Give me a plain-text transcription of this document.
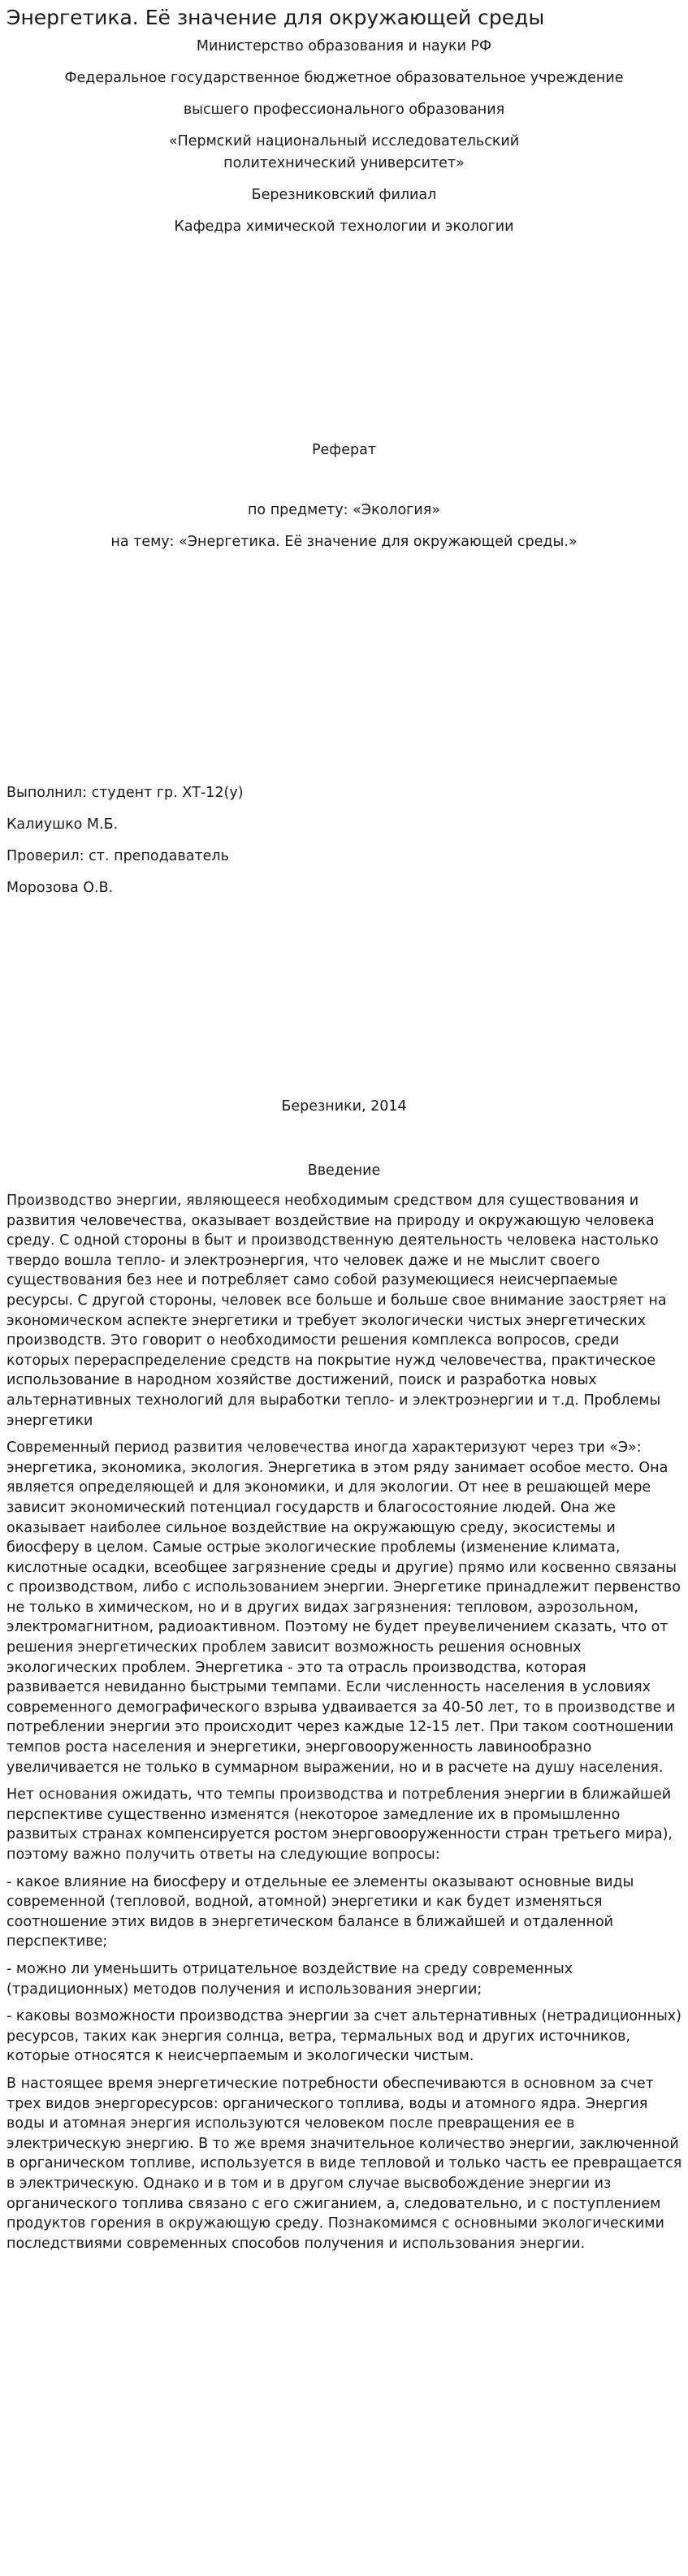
Энергетика. Её значение для окружающей среды
Министерство образования и науки РФ
Федеральное государственное бюджетное образовательное учреждение
высшего профессионального образования
«Пермский национальный исследовательский
политехнический университет»
Березниковский филиал
Кафедра химической технологии и экологии
Реферат
по предмету: «Экология»
на тему: «Энергетика. Её значение для окружающей среды.»
Выполнил: студент гр. ХТ-12(у)
Калиушко М.Б.
Проверил: ст. преподаватель
Морозова О.В.
Березники, 2014
Введение

Производство энергии, являющееся необходимым средством для существования и развития человечества, оказывает воздействие на природу и окружающую человека среду. С одной стороны в быт и производственную деятельность человека настолько твердо вошла тепло- и электроэнергия, что человек даже и не мыслит своего существования без нее и потребляет само собой разумеющиеся неисчерпаемые ресурсы. С другой стороны, человек все больше и больше свое внимание заостряет на экономическом аспекте энергетики и требует экологически чистых энергетических производств. Это говорит о необходимости решения комплекса вопросов, среди которых перераспределение средств на покрытие нужд человечества, практическое использование в народном хозяйстве достижений, поиск и разработка новых альтернативных технологий для выработки тепло- и электроэнергии и т.д. Проблемы энергетики

Современный период развития человечества иногда характеризуют через три «Э»: энергетика, экономика, экология. Энергетика в этом ряду занимает особое место. Она является определяющей и для экономики, и для экологии. От нее в решающей мере зависит экономический потенциал государств и благосостояние людей. Она же оказывает наиболее сильное воздействие на окружающую среду, экосистемы и биосферу в целом. Самые острые экологические проблемы (изменение климата, кислотные осадки, всеобщее загрязнение среды и другие) прямо или косвенно связаны с производством, либо с использованием энергии. Энергетике принадлежит первенство не только в химическом, но и в других видах загрязнения: тепловом, аэрозольном, электромагнитном, радиоактивном. Поэтому не будет преувеличением сказать, что от решения энергетических проблем зависит возможность решения основных экологических проблем. Энергетика - это та отрасль производства, которая развивается невиданно быстрыми темпами. Если численность населения в условиях современного демографического взрыва удваивается за 40-50 лет, то в производстве и потреблении энергии это происходит через каждые 12-15 лет. При таком соотношении темпов роста населения и энергетики, энерговооруженность лавинообразно увеличивается не только в суммарном выражении, но и в расчете на душу населения.

Нет основания ожидать, что темпы производства и потребления энергии в ближайшей перспективе существенно изменятся (некоторое замедление их в промышленно развитых странах компенсируется ростом энерговооруженности стран третьего мира), поэтому важно получить ответы на следующие вопросы:

- какое влияние на биосферу и отдельные ее элементы оказывают основные виды современной (тепловой, водной, атомной) энергетики и как будет изменяться соотношение этих видов в энергетическом балансе в ближайшей и отдаленной перспективе;

- можно ли уменьшить отрицательное воздействие на среду современных (традиционных) методов получения и использования энергии;

- каковы возможности производства энергии за счет альтернативных (нетрадиционных) ресурсов, таких как энергия солнца, ветра, термальных вод и других источников, которые относятся к неисчерпаемым и экологически чистым.

В настоящее время энергетические потребности обеспечиваются в основном за счет трех видов энергоресурсов: органического топлива, воды и атомного ядра. Энергия воды и атомная энергия используются человеком после превращения ее в электрическую энергию. В то же время значительное количество энергии, заключенной в органическом топливе, используется в виде тепловой и только часть ее превращается в электрическую. Однако и в том и в другом случае высвобождение энергии из органического топлива связано с его сжиганием, а, следовательно, и с поступлением продуктов горения в окружающую среду. Познакомимся с основными экологическими последствиями современных способов получения и использования энергии.
